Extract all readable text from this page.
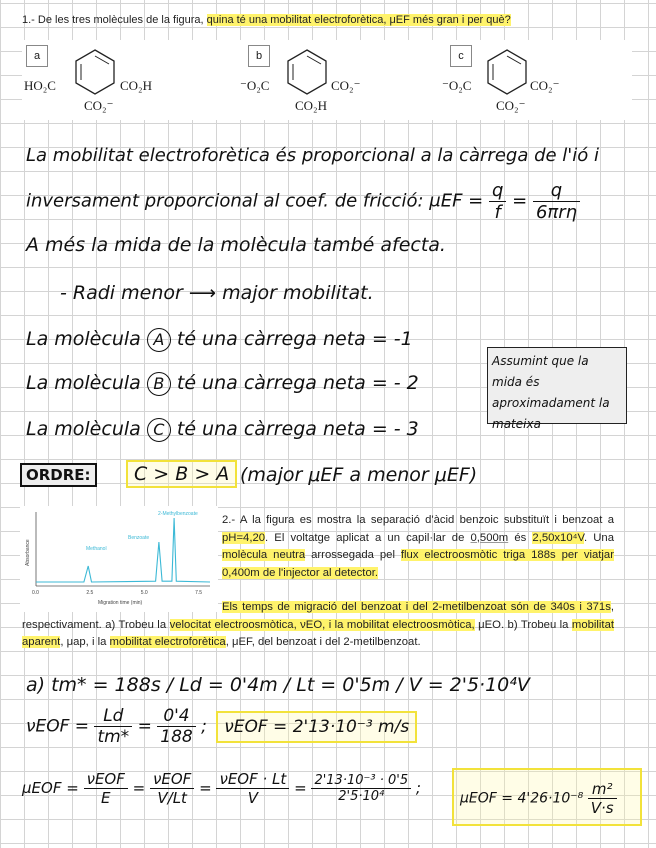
1.- De les tres molècules de la figura, quina té una mobilitat electroforètica, μEF més gran i per què?
a
HO₂C	CO₂H
CO₂⁻
b
⁻O₂C	CO₂⁻
CO₂H
c
⁻O₂C	CO₂⁻
CO₂⁻
La mobilitat electroforètica és proporcional a la càrrega de l'ió i
inversament proporcional al coef. de fricció: $\mu EF = \frac{q}{f} = \frac{q}{\text{6πrη}}$
A més la mida de la molècula també afecta.
- Radi menor ⟶ major mobilitat.
La molècula A té una càrrega neta = -1
La molècula B té una càrrega neta = - 2
La molècula C té una càrrega neta = - 3
Assumint que la mida és aproximadament la mateixa
ORDRE:	C > B > A (major μEF a menor μEF)
0.0	2.5	5.0	7.5
Methanol
Benzoate
2-Methylbenzoate
Migration time (min)
Absorbance
2.- A la figura es mostra la separació d'àcid benzoic substituït i benzoat a pH=4,20. El voltatge aplicat a un capil·lar de 0,500m és 2,50x10⁴V. Una molècula neutra arrossegada pel flux electroosmòtic triga 188s per viatjar 0,400m de l'injector al detector.
Els temps de migració del benzoat i del 2-metilbenzoat són de 340s i 371s, respectivament. a) Trobeu la velocitat electroosmòtica, νEO, i la mobilitat electroosmòtica, μEO. b) Trobeu la mobilitat aparent, μap, i la mobilitat electroforètica, μEF, del benzoat i del 2-metilbenzoat.
a) tm* = 188s / Ld = 0'4m / Lt = 0'5m / V = 2'5·10⁴V
$\nu EOF = \frac{Ld}{tm*} = \frac{0'4}{188}$ ; νEOF = 2'13·10⁻³ m/s
$\mu EOF = \frac{\text{νEOF}}{E} = \frac{\text{νEOF}}{V/Lt} = \frac{\text{νEOF · Lt}}{V} = \frac{\text{2'13·10⁻³ · 0'5}}{\text{2'5·10⁴}}$ ;
$\mu EOF = 4'26\cdot 10^{-8} \frac{\text{m²}}{V\cdot s}$
